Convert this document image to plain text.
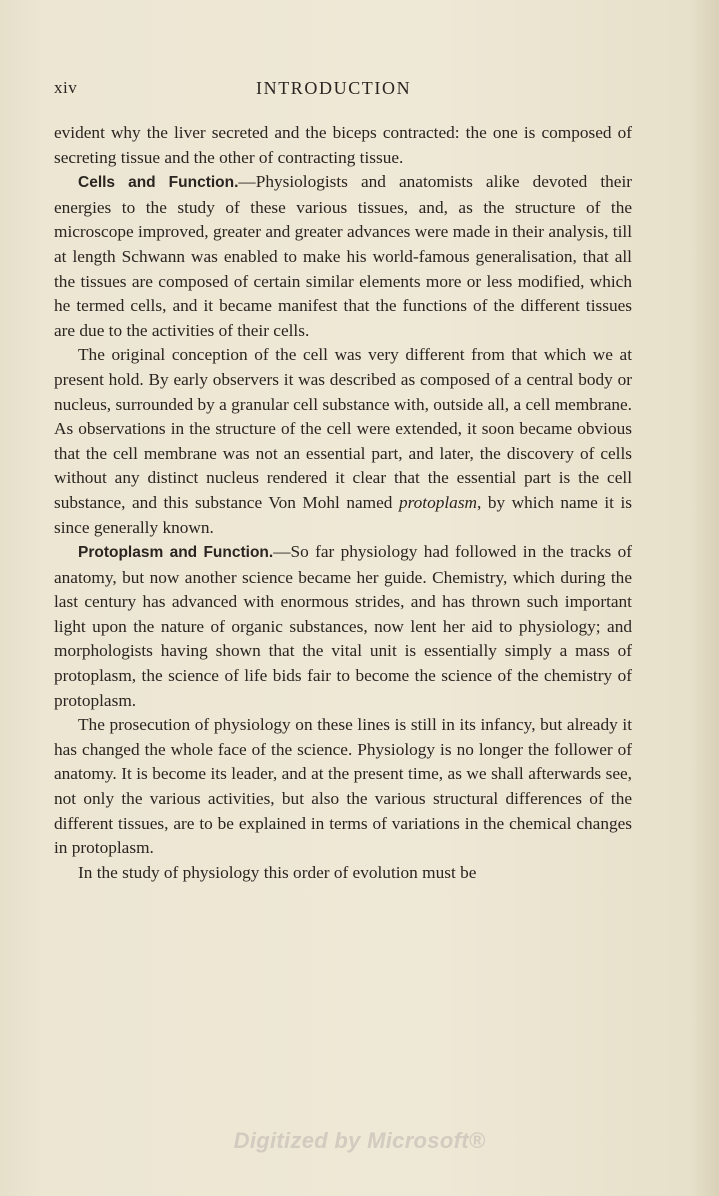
xiv	INTRODUCTION

evident why the liver secreted and the biceps contracted: the one is composed of secreting tissue and the other of contracting tissue.

Cells and Function.—Physiologists and anatomists alike devoted their energies to the study of these various tissues, and, as the structure of the microscope improved, greater and greater advances were made in their analysis, till at length Schwann was enabled to make his world-famous generalisation, that all the tissues are composed of certain similar elements more or less modified, which he termed cells, and it became manifest that the functions of the different tissues are due to the activities of their cells.

The original conception of the cell was very different from that which we at present hold. By early observers it was described as composed of a central body or nucleus, surrounded by a granular cell substance with, outside all, a cell membrane. As observations in the structure of the cell were extended, it soon became obvious that the cell membrane was not an essential part, and later, the discovery of cells without any distinct nucleus rendered it clear that the essential part is the cell substance, and this substance Von Mohl named protoplasm, by which name it is since generally known.

Protoplasm and Function.—So far physiology had followed in the tracks of anatomy, but now another science became her guide. Chemistry, which during the last century has advanced with enormous strides, and has thrown such important light upon the nature of organic substances, now lent her aid to physiology; and morphologists having shown that the vital unit is essentially simply a mass of protoplasm, the science of life bids fair to become the science of the chemistry of protoplasm.

The prosecution of physiology on these lines is still in its infancy, but already it has changed the whole face of the science. Physiology is no longer the follower of anatomy. It is become its leader, and at the present time, as we shall afterwards see, not only the various activities, but also the various structural differences of the different tissues, are to be explained in terms of variations in the chemical changes in protoplasm.

In the study of physiology this order of evolution must be

Digitized by Microsoft®
